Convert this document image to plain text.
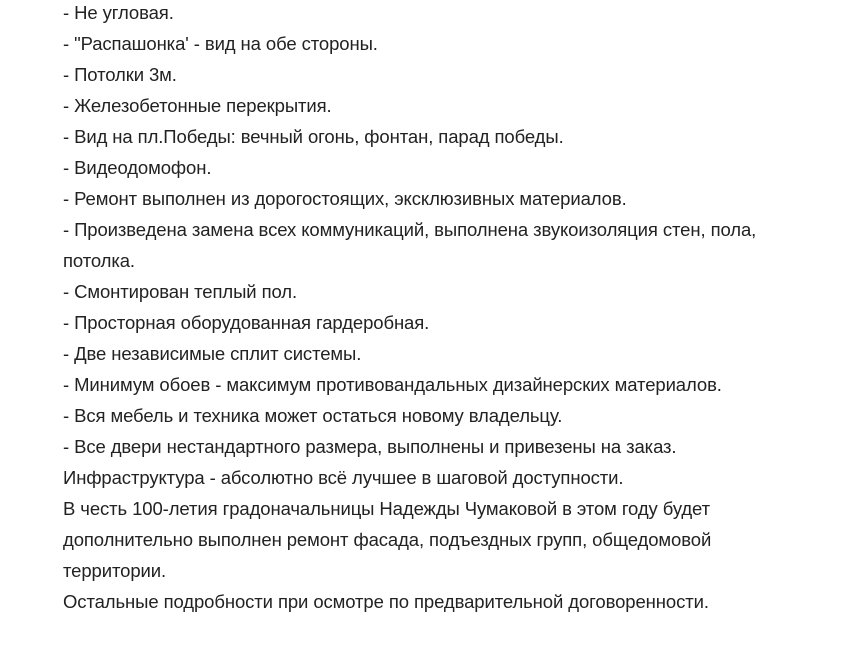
- Не угловая.
- "Распашонка' - вид на обе стороны.
- Потолки 3м.
- Железобетонные перекрытия.
- Вид на пл.Победы: вечный огонь, фонтан, парад победы.
- Видеодомофон.
- Ремонт выполнен из дорогостоящих, эксклюзивных материалов.
- Произведена замена всех коммуникаций, выполнена звукоизоляция стен, пола,
потолка.
- Смонтирован теплый пол.
- Просторная оборудованная гардеробная.
- Две независимые сплит системы.
- Минимум обоев - максимум противовандальных дизайнерских материалов.
- Вся мебель и техника может остаться новому владельцу.
- Все двери нестандартного размера, выполнены и привезены на заказ.
Инфраструктура - абсолютно всё лучшее в шаговой доступности.
В честь 100-летия градоначальницы Надежды Чумаковой в этом году будет
дополнительно выполнен ремонт фасада, подъездных групп, общедомовой
территории.
Остальные подробности при осмотре по предварительной договоренности.
